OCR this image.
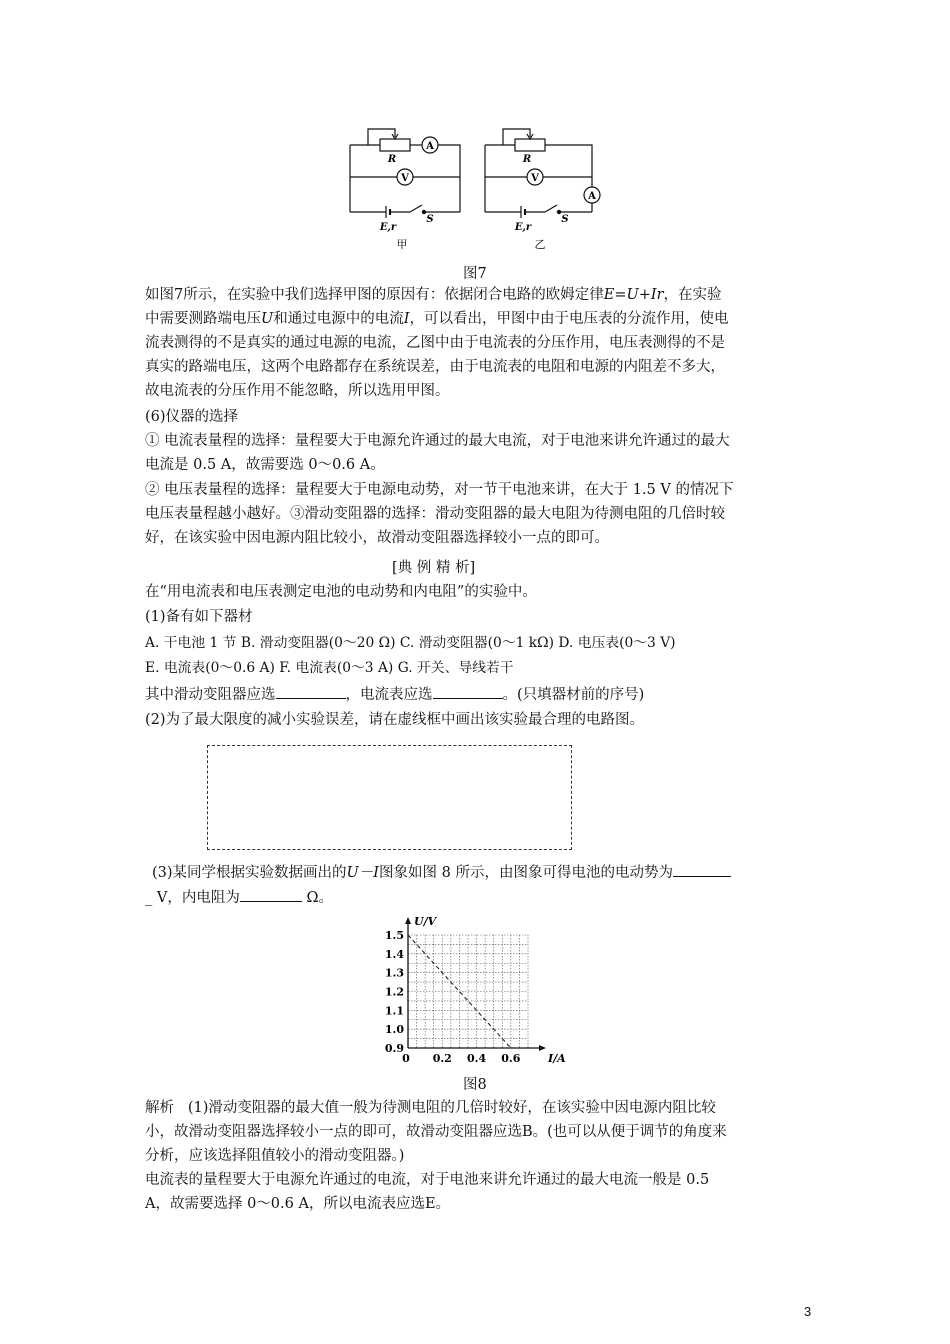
R
A
V
E,r
S
甲
R
V
A
E,r
S
乙
图7
如图7所示，在实验中我们选择甲图的原因有：依据闭合电路的欧姆定律E=U+Ir，在实验
中需要测路端电压U和通过电源中的电流I，可以看出，甲图中由于电压表的分流作用，使电
流表测得的不是真实的通过电源的电流，乙图中由于电流表的分压作用，电压表测得的不是
真实的路端电压，这两个电路都存在系统误差，由于电流表的电阻和电源的内阻差不多大，
故电流表的分压作用不能忽略，所以选用甲图。
(6)仪器的选择
① 电流表量程的选择：量程要大于电源允许通过的最大电流，对于电池来讲允许通过的最大
电流是 0.5 A，故需要选 0～0.6 A。
② 电压表量程的选择：量程要大于电源电动势，对一节干电池来讲，在大于 1.5 V 的情况下
电压表量程越小越好。③滑动变阻器的选择：滑动变阻器的最大电阻为待测电阻的几倍时较
好，在该实验中因电源内阻比较小，故滑动变阻器选择较小一点的即可。
[典 例 精 析]
在“用电流表和电压表测定电池的电动势和内电阻”的实验中。
(1)备有如下器材
A. 干电池 1 节 B. 滑动变阻器(0～20 Ω) C. 滑动变阻器(0～1 kΩ) D. 电压表(0～3 V)
E. 电流表(0～0.6 A) F. 电流表(0～3 A) G. 开关、导线若干
其中滑动变阻器应选	，电流表应选	。(只填器材前的序号)
(2)为了最大限度的减小实验误差，请在虚线框中画出该实验最合理的电路图。
(3)某同学根据实验数据画出的U－I图象如图 8 所示，由图象可得电池的电动势为
_ V，内电阻为	Ω。
1.5
1.4
1.3
1.2
1.1
1.0
0.9
0 0.2 0.4 0.6	I/A
U/V
图8
解析 (1)滑动变阻器的最大值一般为待测电阻的几倍时较好，在该实验中因电源内阻比较
小，故滑动变阻器选择较小一点的即可，故滑动变阻器应选B。(也可以从便于调节的角度来
分析，应该选择阻值较小的滑动变阻器。)
电流表的量程要大于电源允许通过的电流，对于电池来讲允许通过的最大电流一般是 0.5
A，故需要选择 0～0.6 A，所以电流表应选E。
3
